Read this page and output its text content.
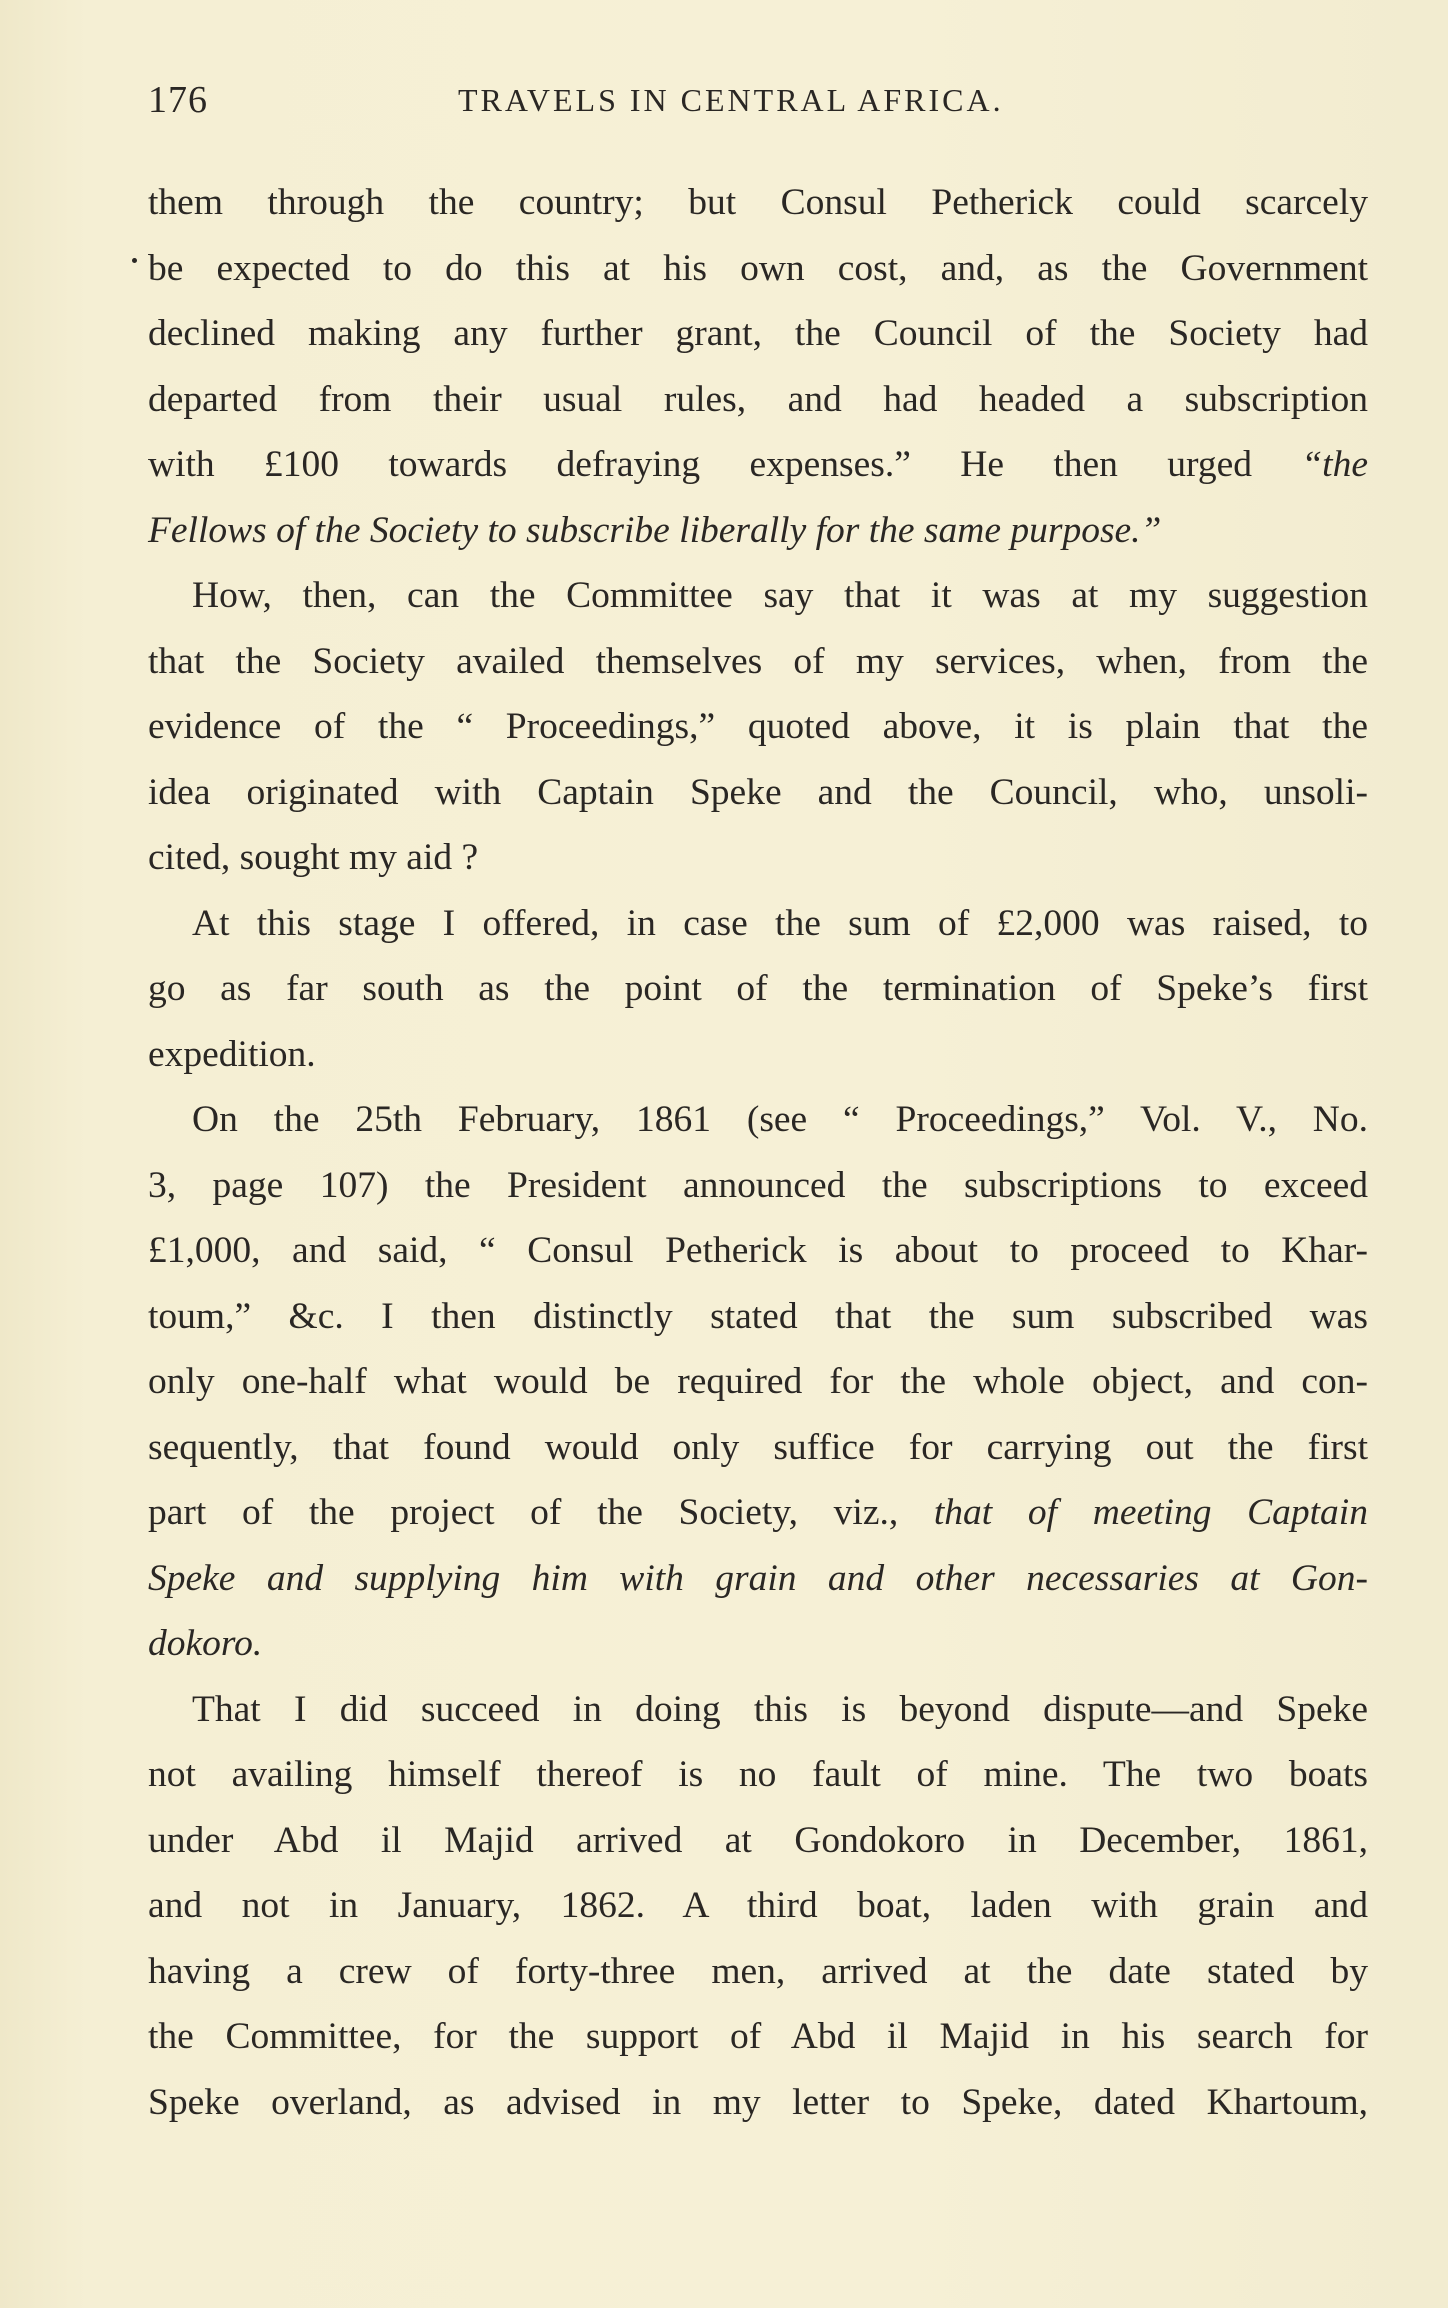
176	TRAVELS IN CENTRAL AFRICA.
them through the country; but Consul Petherick could scarcely
be expected to do this at his own cost, and, as the Government
declined making any further grant, the Council of the Society had
departed from their usual rules, and had headed a subscription
with £100 towards defraying expenses.” He then urged “the
Fellows of the Society to subscribe liberally for the same purpose.”
How, then, can the Committee say that it was at my suggestion
that the Society availed themselves of my services, when, from the
evidence of the “ Proceedings,” quoted above, it is plain that the
idea originated with Captain Speke and the Council, who, unsoli-
cited, sought my aid ?
At this stage I offered, in case the sum of £2,000 was raised, to
go as far south as the point of the termination of Speke’s first
expedition.
On the 25th February, 1861 (see “ Proceedings,” Vol. V., No.
3, page 107) the President announced the subscriptions to exceed
£1,000, and said, “ Consul Petherick is about to proceed to Khar-
toum,” &c. I then distinctly stated that the sum subscribed was
only one-half what would be required for the whole object, and con-
sequently, that found would only suffice for carrying out the first
part of the project of the Society, viz., that of meeting Captain
Speke and supplying him with grain and other necessaries at Gon-
dokoro.
That I did succeed in doing this is beyond dispute—and Speke
not availing himself thereof is no fault of mine. The two boats
under Abd il Majid arrived at Gondokoro in December, 1861,
and not in January, 1862. A third boat, laden with grain and
having a crew of forty-three men, arrived at the date stated by
the Committee, for the support of Abd il Majid in his search for
Speke overland, as advised in my letter to Speke, dated Khartoum,
